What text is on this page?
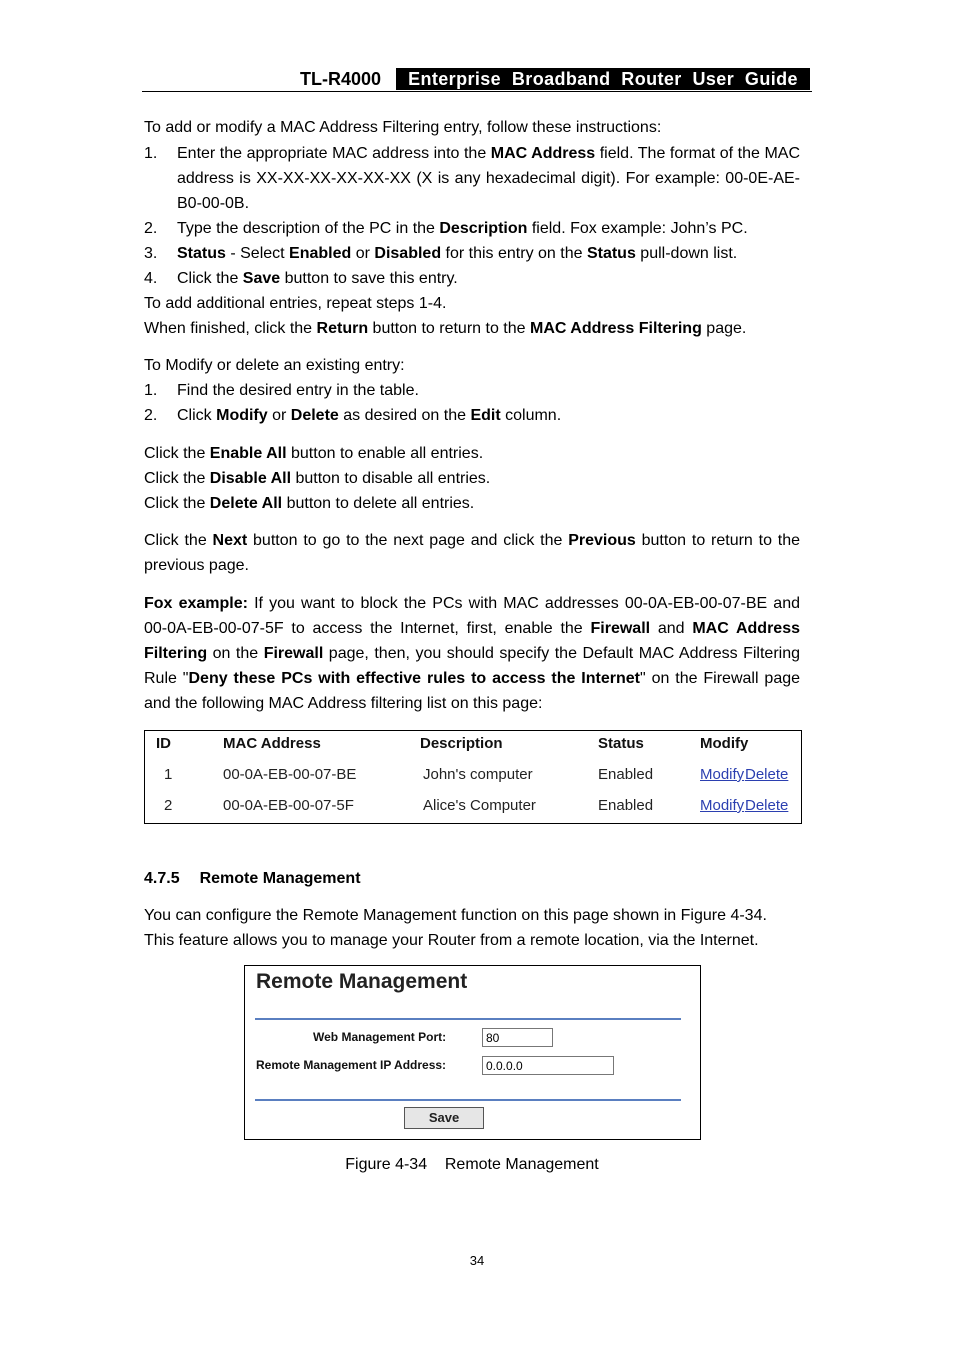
TL-R4000	Enterprise  Broadband  Router  User  Guide
To add or modify a MAC Address Filtering entry, follow these instructions:
1. Enter the appropriate MAC address into the MAC Address field. The format of the MAC address is XX-XX-XX-XX-XX-XX (X is any hexadecimal digit). For example: 00-0E-AE-B0-00-0B.
2. Type the description of the PC in the Description field. Fox example: John’s PC.
3. Status - Select Enabled or Disabled for this entry on the Status pull-down list.
4. Click the Save button to save this entry.
To add additional entries, repeat steps 1-4.
When finished, click the Return button to return to the MAC Address Filtering page.
To Modify or delete an existing entry:
1. Find the desired entry in the table.
2. Click Modify or Delete as desired on the Edit column.
Click the Enable All button to enable all entries.
Click the Disable All button to disable all entries.
Click the Delete All button to delete all entries.
Click the Next button to go to the next page and click the Previous button to return to the previous page.
Fox example: If you want to block the PCs with MAC addresses 00-0A-EB-00-07-BE and 00-0A-EB-00-07-5F to access the Internet, first, enable the Firewall and MAC Address Filtering on the Firewall page, then, you should specify the Default MAC Address Filtering Rule "Deny these PCs with effective rules to access the Internet" on the Firewall page and the following MAC Address filtering list on this page:
ID	MAC Address	Description	Status	Modify
1	00-0A-EB-00-07-BE	John's computer	Enabled	Modify Delete
2	00-0A-EB-00-07-5F	Alice's Computer	Enabled	Modify Delete
4.7.5 Remote Management
You can configure the Remote Management function on this page shown in Figure 4-34.
This feature allows you to manage your Router from a remote location, via the Internet.
Remote Management
Web Management Port:
80
Remote Management IP Address:
0.0.0.0
Save
Figure 4-34    Remote Management
34
